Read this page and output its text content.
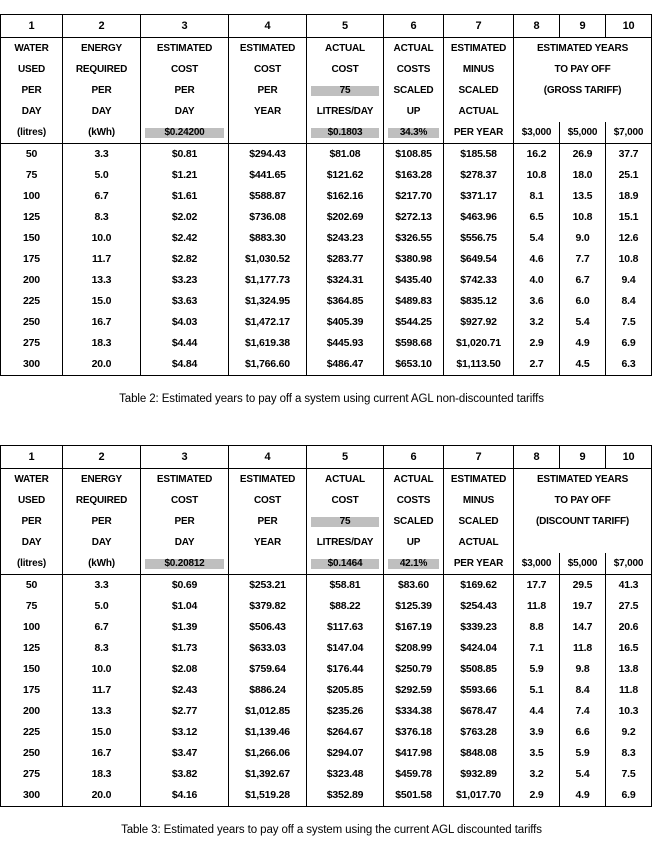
1	2	3	4	5	6	7	8	9	10
WATER	ENERGY	ESTIMATED	ESTIMATED	ACTUAL	ACTUAL	ESTIMATED	ESTIMATED YEARS		
USED	REQUIRED	COST	COST	COST	COSTS	MINUS	TO PAY OFF		
PER	PER	PER	PER	75	SCALED	SCALED	(GROSS TARIFF)		
DAY	DAY	DAY	YEAR	LITRES/DAY	UP	ACTUAL			
(litres)	(kWh)	$0.24200		$0.1803	34.3%	PER YEAR	$3,000	$5,000	$7,000
50	3.3	$0.81	$294.43	$81.08	$108.85	$185.58	16.2	26.9	37.7
75	5.0	$1.21	$441.65	$121.62	$163.28	$278.37	10.8	18.0	25.1
100	6.7	$1.61	$588.87	$162.16	$217.70	$371.17	8.1	13.5	18.9
125	8.3	$2.02	$736.08	$202.69	$272.13	$463.96	6.5	10.8	15.1
150	10.0	$2.42	$883.30	$243.23	$326.55	$556.75	5.4	9.0	12.6
175	11.7	$2.82	$1,030.52	$283.77	$380.98	$649.54	4.6	7.7	10.8
200	13.3	$3.23	$1,177.73	$324.31	$435.40	$742.33	4.0	6.7	9.4
225	15.0	$3.63	$1,324.95	$364.85	$489.83	$835.12	3.6	6.0	8.4
250	16.7	$4.03	$1,472.17	$405.39	$544.25	$927.92	3.2	5.4	7.5
275	18.3	$4.44	$1,619.38	$445.93	$598.68	$1,020.71	2.9	4.9	6.9
300	20.0	$4.84	$1,766.60	$486.47	$653.10	$1,113.50	2.7	4.5	6.3
Table 2: Estimated years to pay off a system using current AGL non-discounted tariffs
1	2	3	4	5	6	7	8	9	10
WATER	ENERGY	ESTIMATED	ESTIMATED	ACTUAL	ACTUAL	ESTIMATED	ESTIMATED YEARS		
USED	REQUIRED	COST	COST	COST	COSTS	MINUS	TO PAY OFF		
PER	PER	PER	PER	75	SCALED	SCALED	(DISCOUNT TARIFF)		
DAY	DAY	DAY	YEAR	LITRES/DAY	UP	ACTUAL			
(litres)	(kWh)	$0.20812		$0.1464	42.1%	PER YEAR	$3,000	$5,000	$7,000
50	3.3	$0.69	$253.21	$58.81	$83.60	$169.62	17.7	29.5	41.3
75	5.0	$1.04	$379.82	$88.22	$125.39	$254.43	11.8	19.7	27.5
100	6.7	$1.39	$506.43	$117.63	$167.19	$339.23	8.8	14.7	20.6
125	8.3	$1.73	$633.03	$147.04	$208.99	$424.04	7.1	11.8	16.5
150	10.0	$2.08	$759.64	$176.44	$250.79	$508.85	5.9	9.8	13.8
175	11.7	$2.43	$886.24	$205.85	$292.59	$593.66	5.1	8.4	11.8
200	13.3	$2.77	$1,012.85	$235.26	$334.38	$678.47	4.4	7.4	10.3
225	15.0	$3.12	$1,139.46	$264.67	$376.18	$763.28	3.9	6.6	9.2
250	16.7	$3.47	$1,266.06	$294.07	$417.98	$848.08	3.5	5.9	8.3
275	18.3	$3.82	$1,392.67	$323.48	$459.78	$932.89	3.2	5.4	7.5
300	20.0	$4.16	$1,519.28	$352.89	$501.58	$1,017.70	2.9	4.9	6.9
Table 3: Estimated years to pay off a system using the current AGL discounted tariffs
